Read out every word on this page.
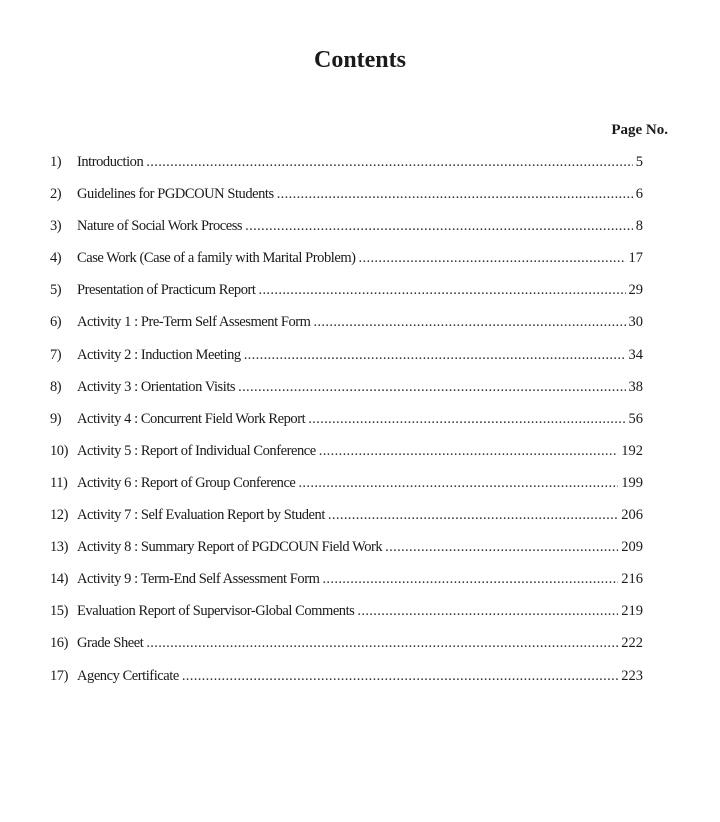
Contents
Page No.
1)	Introduction .....	5
2)	Guidelines for PGDCOUN Students .....	6
3)	Nature of Social Work Process .....	8
4)	Case Work (Case of a family with Marital Problem) .....	17
5)	Presentation of Practicum Report .....	29
6)	Activity 1 : Pre-Term Self Assesment Form .....	30
7)	Activity 2 : Induction Meeting .....	34
8)	Activity 3 : Orientation Visits .....	38
9)	Activity 4 : Concurrent Field Work Report .....	56
10) Activity 5 : Report of Individual Conference .....	192
11) Activity 6 : Report of Group Conference .....	199
12) Activity 7 : Self Evaluation Report by Student .....	206
13) Activity 8 : Summary Report of PGDCOUN Field Work .....	209
14) Activity 9 : Term-End Self Assessment Form .....	216
15) Evaluation Report of Supervisor-Global Comments .....	219
16) Grade Sheet .....	222
17) Agency Certificate .....	223
